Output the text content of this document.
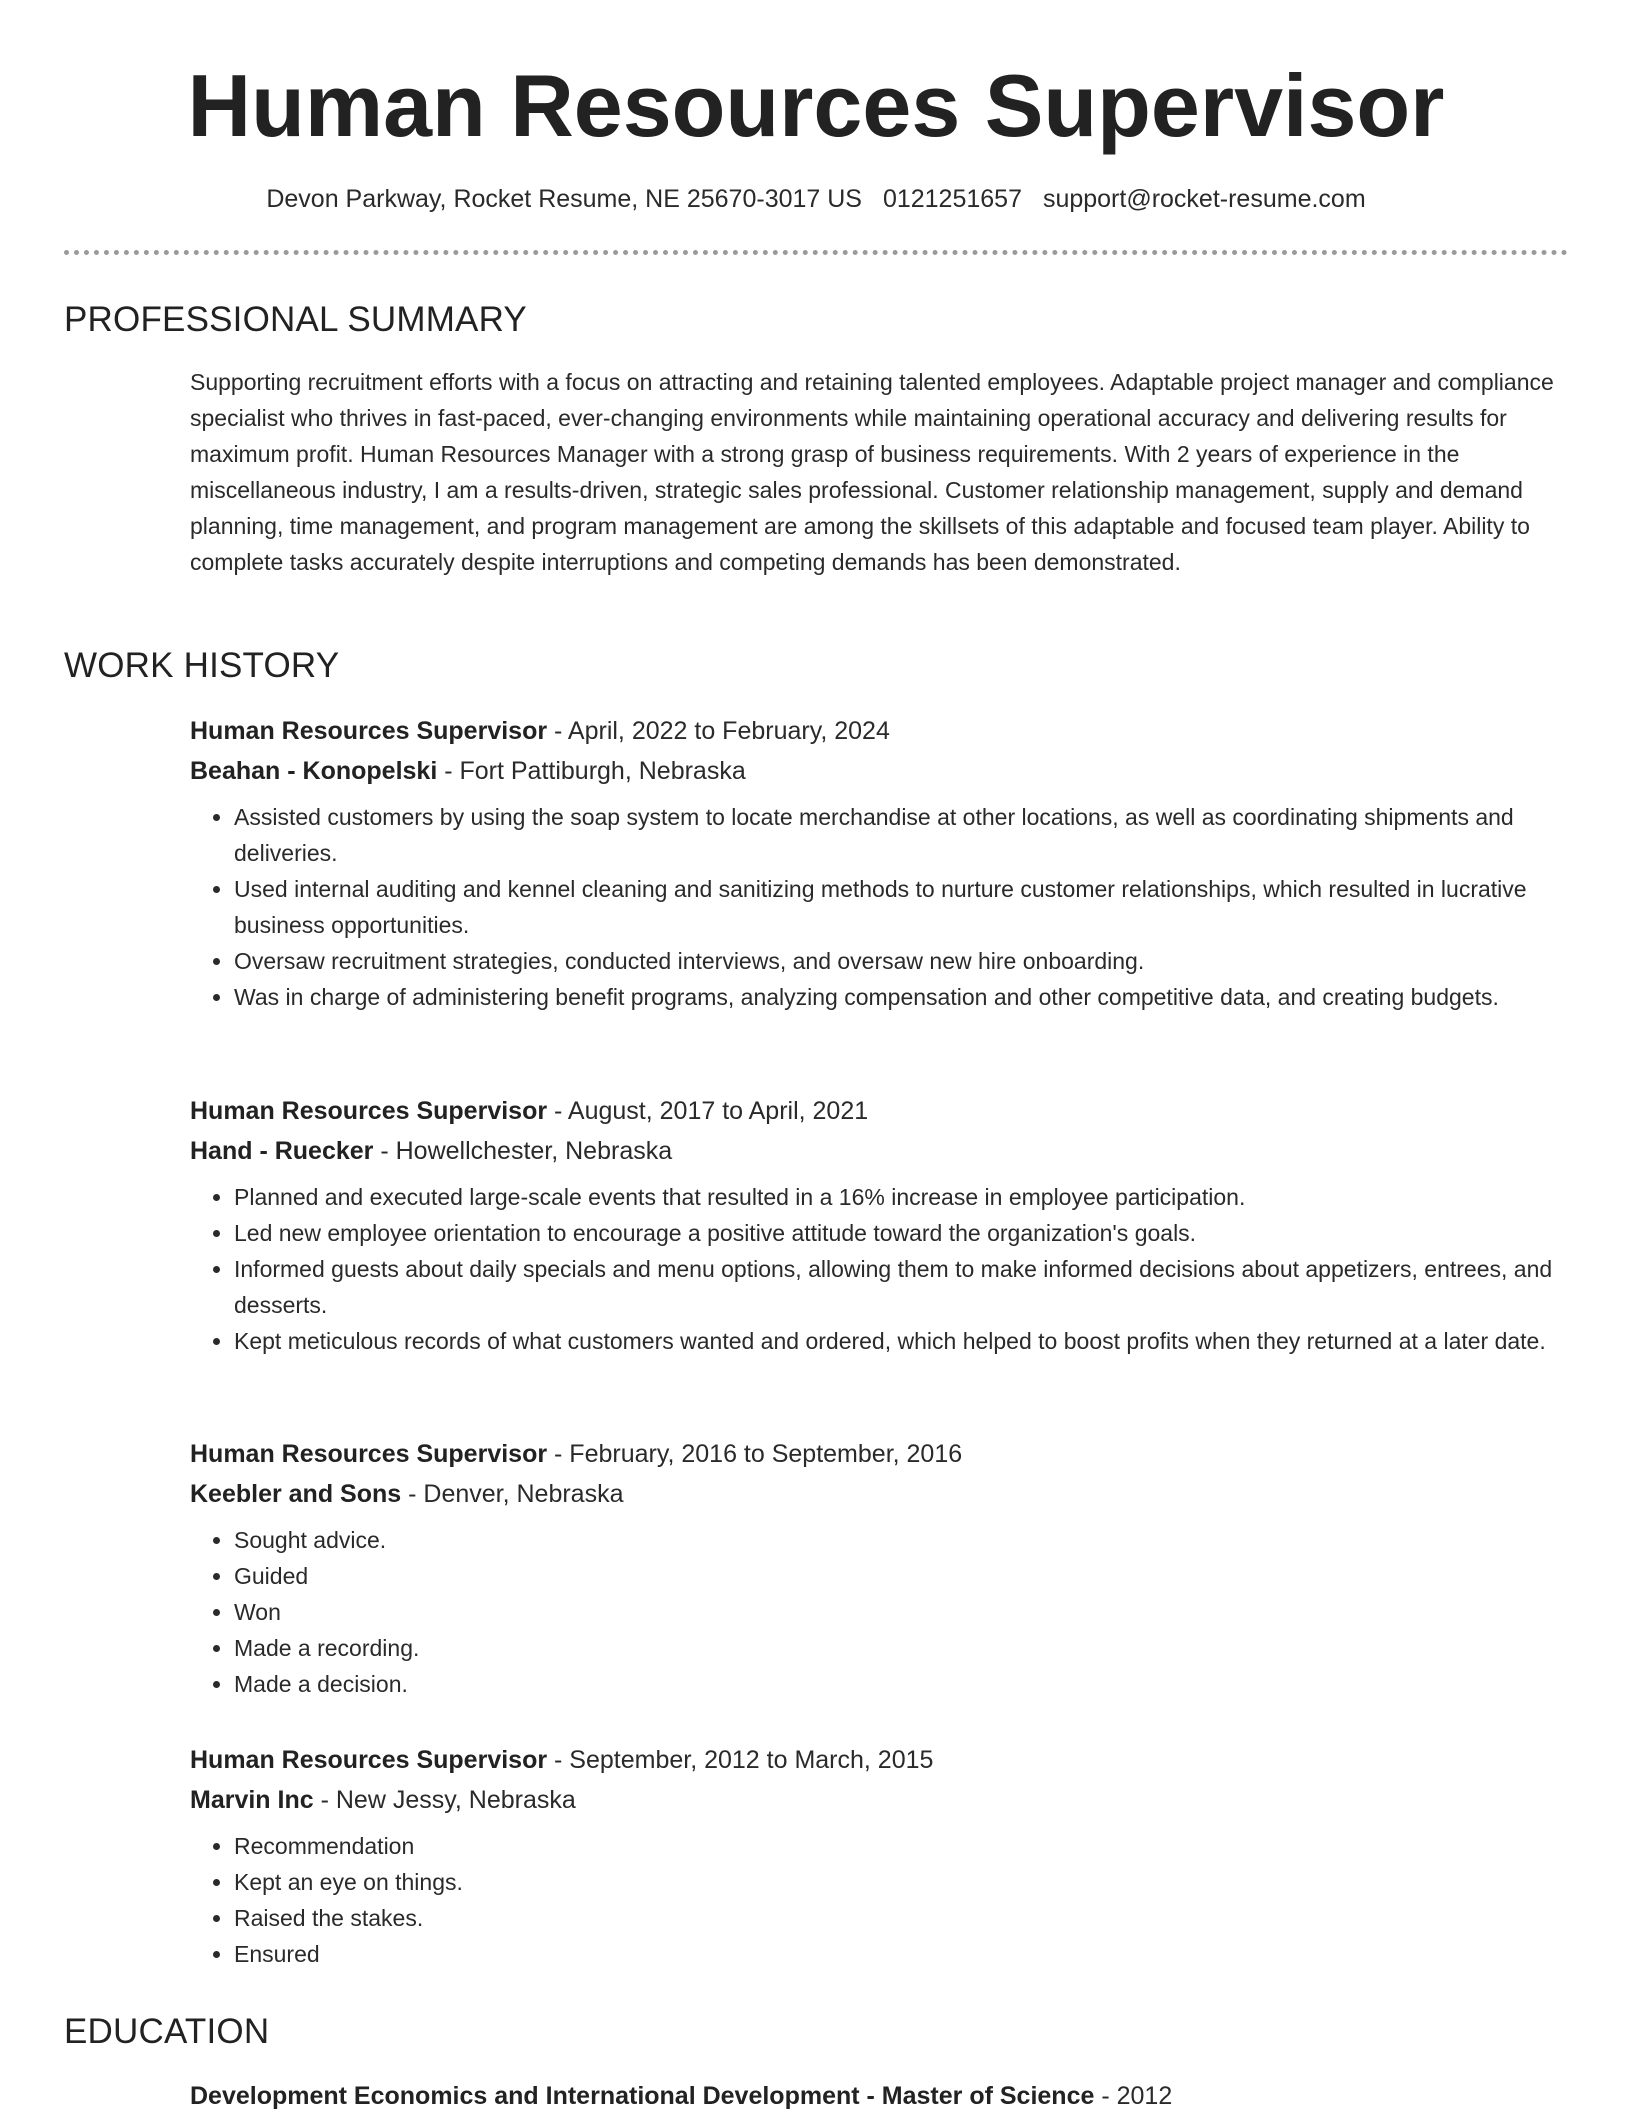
Human Resources Supervisor
Devon Parkway, Rocket Resume, NE 25670-3017 US 0121251657 support@rocket-resume.com
PROFESSIONAL SUMMARY
Supporting recruitment efforts with a focus on attracting and retaining talented employees. Adaptable project manager and compliance specialist who thrives in fast-paced, ever-changing environments while maintaining operational accuracy and delivering results for maximum profit. Human Resources Manager with a strong grasp of business requirements. With 2 years of experience in the miscellaneous industry, I am a results-driven, strategic sales professional. Customer relationship management, supply and demand planning, time management, and program management are among the skillsets of this adaptable and focused team player. Ability to complete tasks accurately despite interruptions and competing demands has been demonstrated.
WORK HISTORY
Human Resources Supervisor - April, 2022 to February, 2024
Beahan - Konopelski - Fort Pattiburgh, Nebraska
• Assisted customers by using the soap system to locate merchandise at other locations, as well as coordinating shipments and deliveries.
• Used internal auditing and kennel cleaning and sanitizing methods to nurture customer relationships, which resulted in lucrative business opportunities.
• Oversaw recruitment strategies, conducted interviews, and oversaw new hire onboarding.
• Was in charge of administering benefit programs, analyzing compensation and other competitive data, and creating budgets.
Human Resources Supervisor - August, 2017 to April, 2021
Hand - Ruecker - Howellchester, Nebraska
• Planned and executed large-scale events that resulted in a 16% increase in employee participation.
• Led new employee orientation to encourage a positive attitude toward the organization's goals.
• Informed guests about daily specials and menu options, allowing them to make informed decisions about appetizers, entrees, and desserts.
• Kept meticulous records of what customers wanted and ordered, which helped to boost profits when they returned at a later date.
Human Resources Supervisor - February, 2016 to September, 2016
Keebler and Sons - Denver, Nebraska
• Sought advice.
• Guided
• Won
• Made a recording.
• Made a decision.
Human Resources Supervisor - September, 2012 to March, 2015
Marvin Inc - New Jessy, Nebraska
• Recommendation
• Kept an eye on things.
• Raised the stakes.
• Ensured
EDUCATION
Development Economics and International Development - Master of Science - 2012
